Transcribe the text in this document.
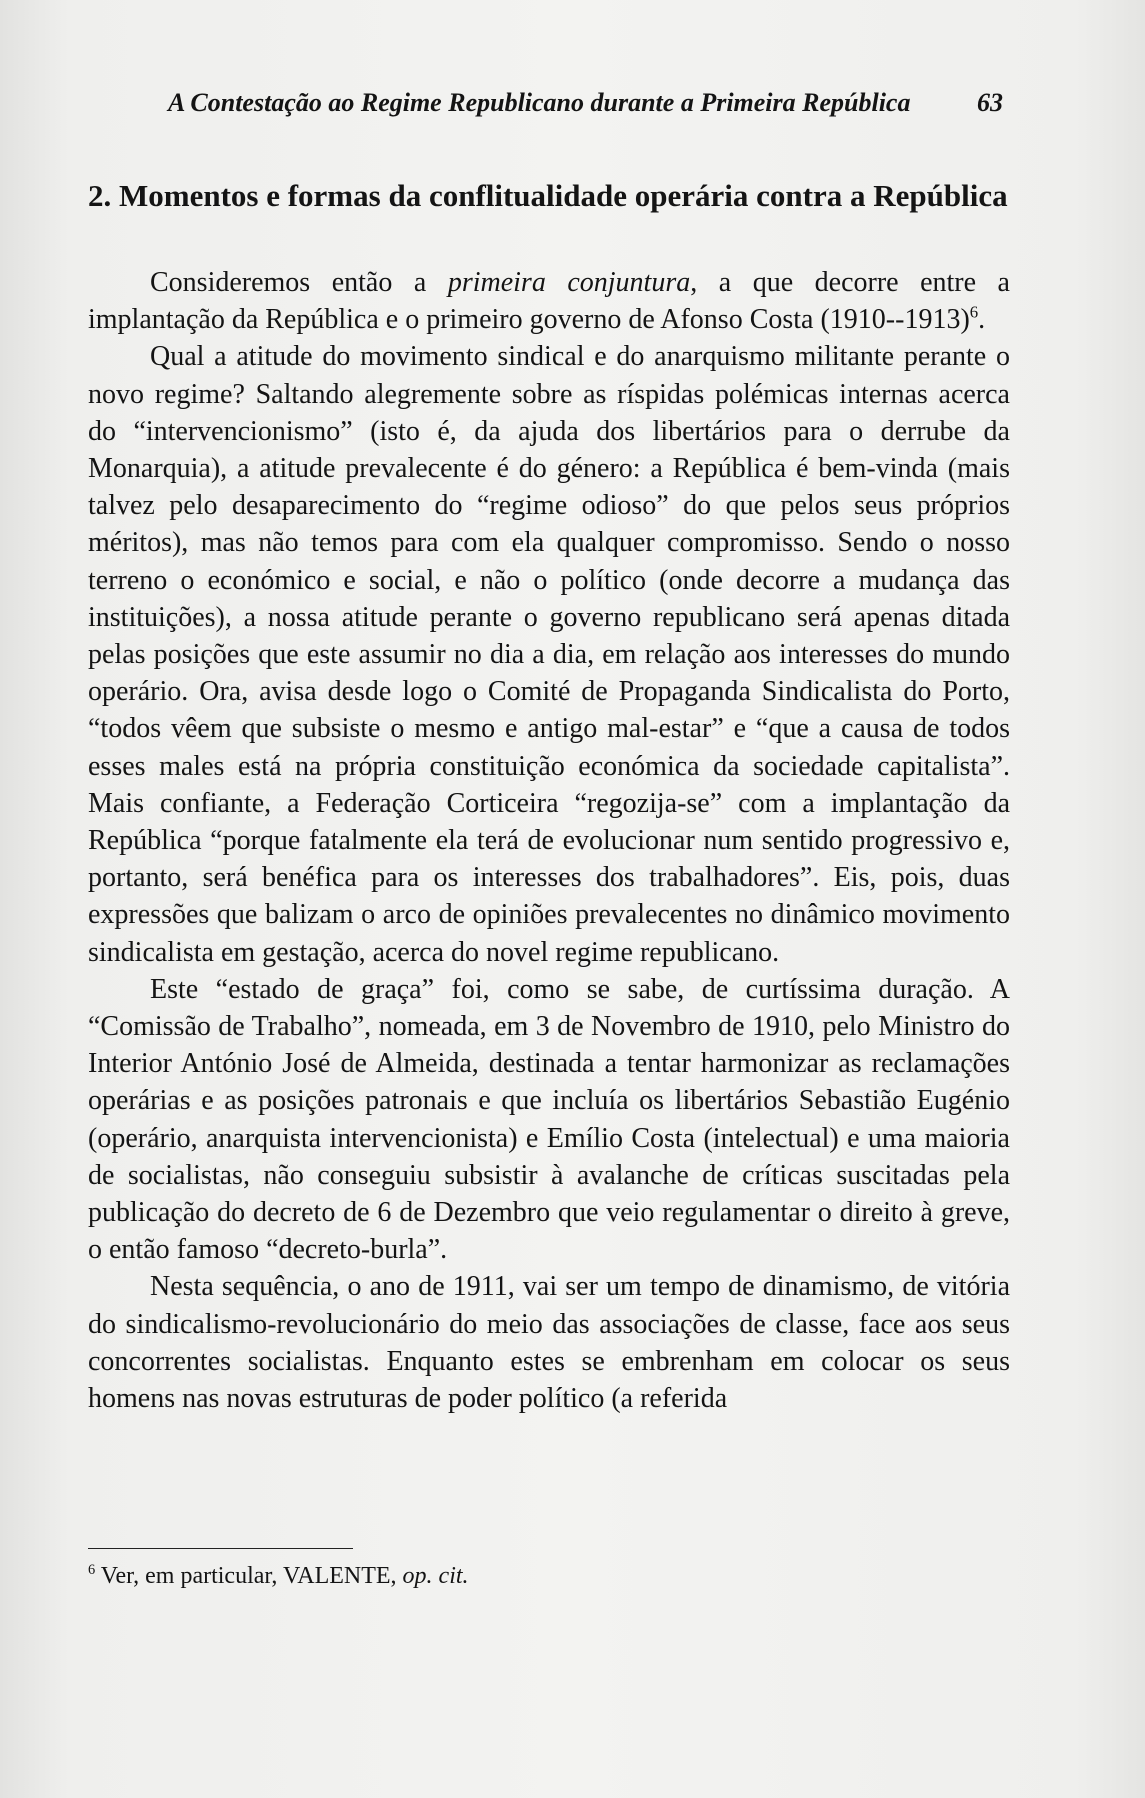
A Contestação ao Regime Republicano durante a Primeira República	63
2. Momentos e formas da conflitualidade operária contra a República

Consideremos então a primeira conjuntura, a que decorre entre a implantação da República e o primeiro governo de Afonso Costa $(1910--1913)^6$.

Qual a atitude do movimento sindical e do anarquismo militante perante o novo regime? Saltando alegremente sobre as ríspidas polémicas internas acerca do “intervencionismo” (isto é, da ajuda dos libertários para o derrube da Monarquia), a atitude prevalecente é do género: a República é bem-vinda (mais talvez pelo desaparecimento do “regime odioso” do que pelos seus próprios méritos), mas não temos para com ela qualquer compromisso. Sendo o nosso terreno o económico e social, e não o político (onde decorre a mudança das instituições), a nossa atitude perante o governo republicano será apenas ditada pelas posições que este assumir no dia a dia, em relação aos interesses do mundo operário. Ora, avisa desde logo o Comité de Propaganda Sindicalista do Porto, “todos vêem que subsiste o mesmo e antigo mal-estar” e “que a causa de todos esses males está na própria constituição económica da sociedade capitalista”. Mais confiante, a Federação Corticeira “regozija-se” com a implantação da República “porque fatalmente ela terá de evolucionar num sentido progressivo e, portanto, será benéfica para os interesses dos trabalhadores”. Eis, pois, duas expressões que balizam o arco de opiniões prevalecentes no dinâmico movimento sindicalista em gestação, acerca do novel regime republicano.

Este “estado de graça” foi, como se sabe, de curtíssima duração. A “Comissão de Trabalho”, nomeada, em 3 de Novembro de 1910, pelo Ministro do Interior António José de Almeida, destinada a tentar harmonizar as reclamações operárias e as posições patronais e que incluía os libertários Sebastião Eugénio (operário, anarquista intervencionista) e Emílio Costa (intelectual) e uma maioria de socialistas, não conseguiu subsistir à avalanche de críticas suscitadas pela publicação do decreto de 6 de Dezembro que veio regulamentar o direito à greve, o então famoso “decreto-burla”.

Nesta sequência, o ano de 1911, vai ser um tempo de dinamismo, de vitória do sindicalismo-revolucionário do meio das associações de classe, face aos seus concorrentes socialistas. Enquanto estes se embrenham em colocar os seus homens nas novas estruturas de poder político (a referida

$^6$ Ver, em particular, VALENTE, op. cit.
